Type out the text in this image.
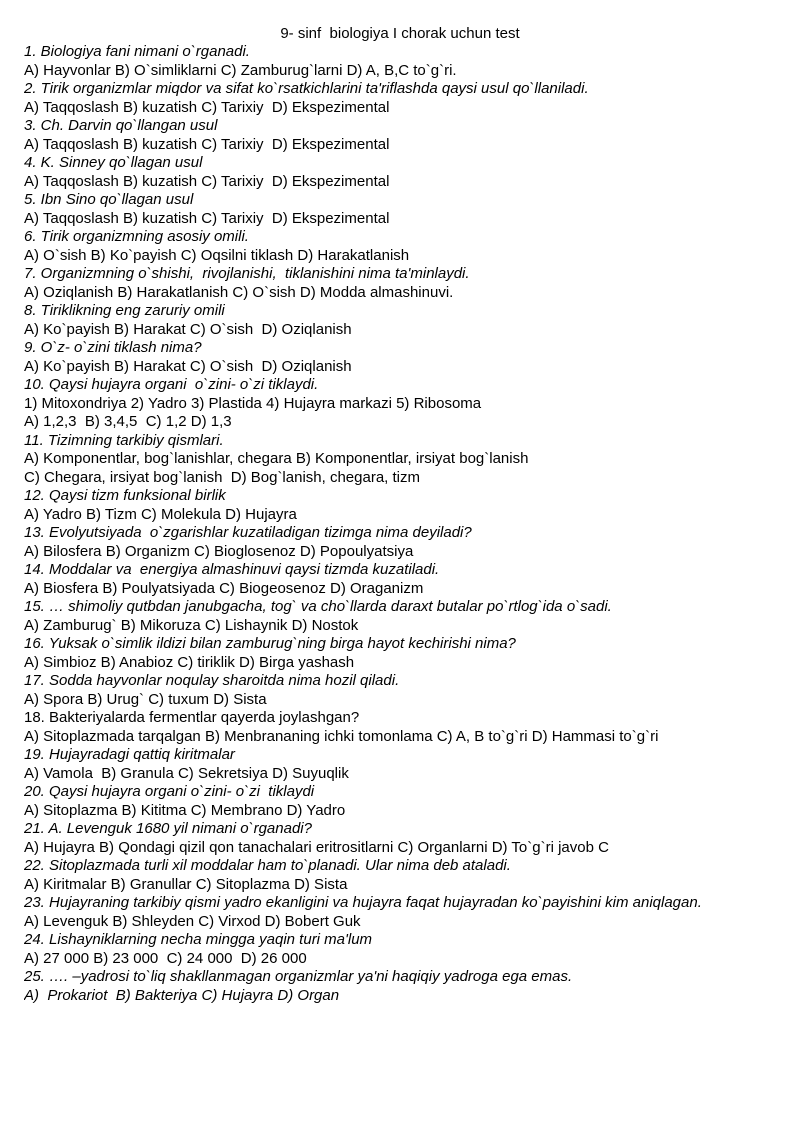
9- sinf  biologiya I chorak uchun test
1. Biologiya fani nimani o`rganadi.
A) Hayvonlar B) O`simliklarni C) Zamburug`larni D) A, B,C to`g`ri.
2. Tirik organizmlar miqdor va sifat ko`rsatkichlarini ta'riflashda qaysi usul qo`llaniladi.
A) Taqqoslash B) kuzatish C) Tarixiy  D) Ekspezimental
3. Ch. Darvin qo`llangan usul
A) Taqqoslash B) kuzatish C) Tarixiy  D) Ekspezimental
4. K. Sinney qo`llagan usul
A) Taqqoslash B) kuzatish C) Tarixiy  D) Ekspezimental
5. Ibn Sino qo`llagan usul
A) Taqqoslash B) kuzatish C) Tarixiy  D) Ekspezimental
6. Tirik organizmning asosiy omili.
A) O`sish B) Ko`payish C) Oqsilni tiklash D) Harakatlanish
7. Organizmning o`shishi,  rivojlanishi,  tiklanishini nima ta'minlaydi.
A) Oziqlanish B) Harakatlanish C) O`sish D) Modda almashinuvi.
8. Tiriklikning eng zaruriy omili
A) Ko`payish B) Harakat C) O`sish  D) Oziqlanish
9. O`z- o`zini tiklash nima?
A) Ko`payish B) Harakat C) O`sish  D) Oziqlanish
10. Qaysi hujayra organi  o`zini- o`zi tiklaydi.
1) Mitoxondriya 2) Yadro 3) Plastida 4) Hujayra markazi 5) Ribosoma
A) 1,2,3  B) 3,4,5  C) 1,2 D) 1,3
11. Tizimning tarkibiy qismlari.
A) Komponentlar, bog`lanishlar, chegara B) Komponentlar, irsiyat bog`lanish
C) Chegara, irsiyat bog`lanish  D) Bog`lanish, chegara, tizm
12. Qaysi tizm funksional birlik
A) Yadro B) Tizm C) Molekula D) Hujayra
13. Evolyutsiyada  o`zgarishlar kuzatiladigan tizimga nima deyiladi?
A) Bilosfera B) Organizm C) Bioglosenoz D) Popoulyatsiya
14. Moddalar va  energiya almashinuvi qaysi tizmda kuzatiladi.
A) Biosfera B) Poulyatsiyada C) Biogeosenoz D) Oraganizm
15. … shimoliy qutbdan janubgacha, tog` va cho`llarda daraxt butalar po`rtlog`ida o`sadi.
A) Zamburug` B) Mikoruza C) Lishaynik D) Nostok
16. Yuksak o`simlik ildizi bilan zamburug`ning birga hayot kechirishi nima?
A) Simbioz B) Anabioz C) tiriklik D) Birga yashash
17. Sodda hayvonlar noqulay sharoitda nima hozil qiladi.
A) Spora B) Urug` C) tuxum D) Sista
18. Bakteriyalarda fermentlar qayerda joylashgan?
A) Sitoplazmada tarqalgan B) Menbrananing ichki tomonlama C) A, B to`g`ri D) Hammasi to`g`ri
19. Hujayradagi qattiq kiritmalar
A) Vamola  B) Granula C) Sekretsiya D) Suyuqlik
20. Qaysi hujayra organi o`zini- o`zi  tiklaydi
A) Sitoplazma B) Kititma C) Membrano D) Yadro
21. A. Levenguk 1680 yil nimani o`rganadi?
A) Hujayra B) Qondagi qizil qon tanachalari eritrositlarni C) Organlarni D) To`g`ri javob C
22. Sitoplazmada turli xil moddalar ham to`planadi. Ular nima deb ataladi.
A) Kiritmalar B) Granullar C) Sitoplazma D) Sista
23. Hujayraning tarkibiy qismi yadro ekanligini va hujayra faqat hujayradan ko`payishini kim aniqlagan.
A) Levenguk B) Shleyden C) Virxod D) Bobert Guk
24. Lishayniklarning necha mingga yaqin turi ma'lum
A) 27 000 B) 23 000  C) 24 000  D) 26 000
25. …. –yadrosi to`liq shakllanmagan organizmlar ya'ni haqiqiy yadroga ega emas.
A)  Prokariot  B) Bakteriya C) Hujayra D) Organ
